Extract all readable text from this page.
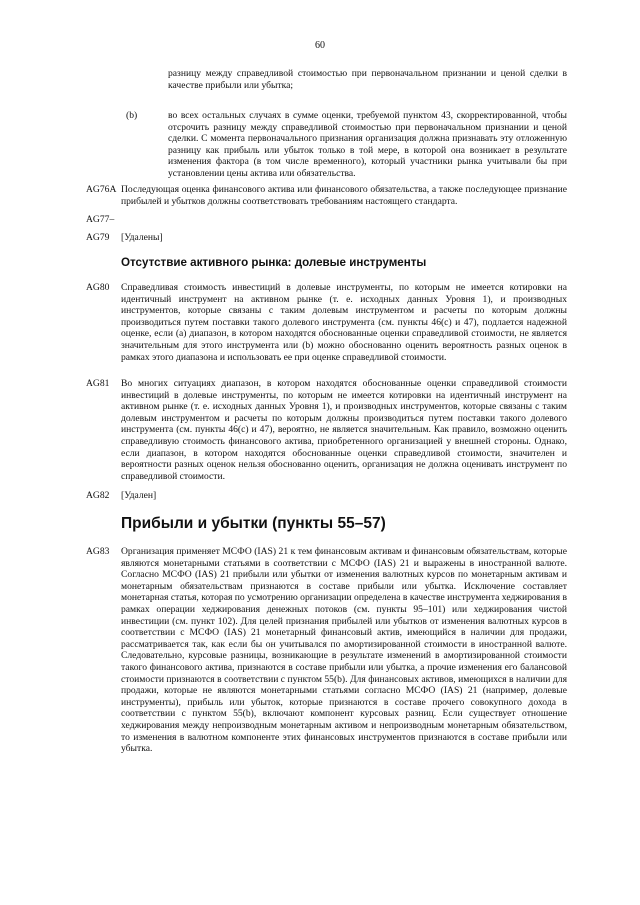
60
разницу между справедливой стоимостью при первоначальном признании и ценой сделки в качестве прибыли или убытка;
(b)	во всех остальных случаях в сумме оценки, требуемой пунктом 43, скорректированной, чтобы отсрочить разницу между справедливой стоимостью при первоначальном признании и ценой сделки. С момента первоначального признания организация должна признавать эту отложенную разницу как прибыль или убыток только в той мере, в которой она возникает в результате изменения фактора (в том числе временного), который участники рынка учитывали бы при установлении цены актива или обязательства.
AG76A Последующая оценка финансового актива или финансового обязательства, а также последующее признание прибылей и убытков должны соответствовать требованиям настоящего стандарта.
AG77–
AG79 [Удалены]
Отсутствие активного рынка: долевые инструменты
AG80 Справедливая стоимость инвестиций в долевые инструменты, по которым не имеется котировки на идентичный инструмент на активном рынке (т. е. исходных данных Уровня 1), и производных инструментов, которые связаны с таким долевым инструментом и расчеты по которым должны производиться путем поставки такого долевого инструмента (см. пункты 46(с) и 47), подлается надежной оценке, если (а) диапазон, в котором находятся обоснованные оценки справедливой стоимости, не является значительным для этого инструмента или (b) можно обоснованно оценить вероятность разных оценок в рамках этого диапазона и использовать ее при оценке справедливой стоимости.
AG81 Во многих ситуациях диапазон, в котором находятся обоснованные оценки справедливой стоимости инвестиций в долевые инструменты, по которым не имеется котировки на идентичный инструмент на активном рынке (т. е. исходных данных Уровня 1), и производных инструментов, которые связаны с таким долевым инструментом и расчеты по которым должны производиться путем поставки такого долевого инструмента (см. пункты 46(с) и 47), вероятно, не является значительным. Как правило, возможно оценить справедливую стоимость финансового актива, приобретенного организацией у внешней стороны. Однако, если диапазон, в котором находятся обоснованные оценки справедливой стоимости, значителен и вероятности разных оценок нельзя обоснованно оценить, организация не должна оценивать инструмент по справедливой стоимости.
AG82 [Удален]
Прибыли и убытки (пункты 55–57)
AG83 Организация применяет МСФО (IAS) 21 к тем финансовым активам и финансовым обязательствам, которые являются монетарными статьями в соответствии с МСФО (IAS) 21 и выражены в иностранной валюте. Согласно МСФО (IAS) 21 прибыли или убытки от изменения валютных курсов по монетарным активам и монетарным обязательствам признаются в составе прибыли или убытка. Исключение составляет монетарная статья, которая по усмотрению организации определена в качестве инструмента хеджирования в рамках операции хеджирования денежных потоков (см. пункты 95–101) или хеджирования чистой инвестиции (см. пункт 102). Для целей признания прибылей или убытков от изменения валютных курсов в соответствии с МСФО (IAS) 21 монетарный финансовый актив, имеющийся в наличии для продажи, рассматривается так, как если бы он учитывался по амортизированной стоимости в иностранной валюте. Следовательно, курсовые разницы, возникающие в результате изменений в амортизированной стоимости такого финансового актива, признаются в составе прибыли или убытка, а прочие изменения его балансовой стоимости признаются в соответствии с пунктом 55(b). Для финансовых активов, имеющихся в наличии для продажи, которые не являются монетарными статьями согласно МСФО (IAS) 21 (например, долевые инструменты), прибыль или убыток, которые признаются в составе прочего совокупного дохода в соответствии с пунктом 55(b), включают компонент курсовых разниц. Если существует отношение хеджирования между непроизводным монетарным активом и непроизводным монетарным обязательством, то изменения в валютном компоненте этих финансовых инструментов признаются в составе прибыли или убытка.
